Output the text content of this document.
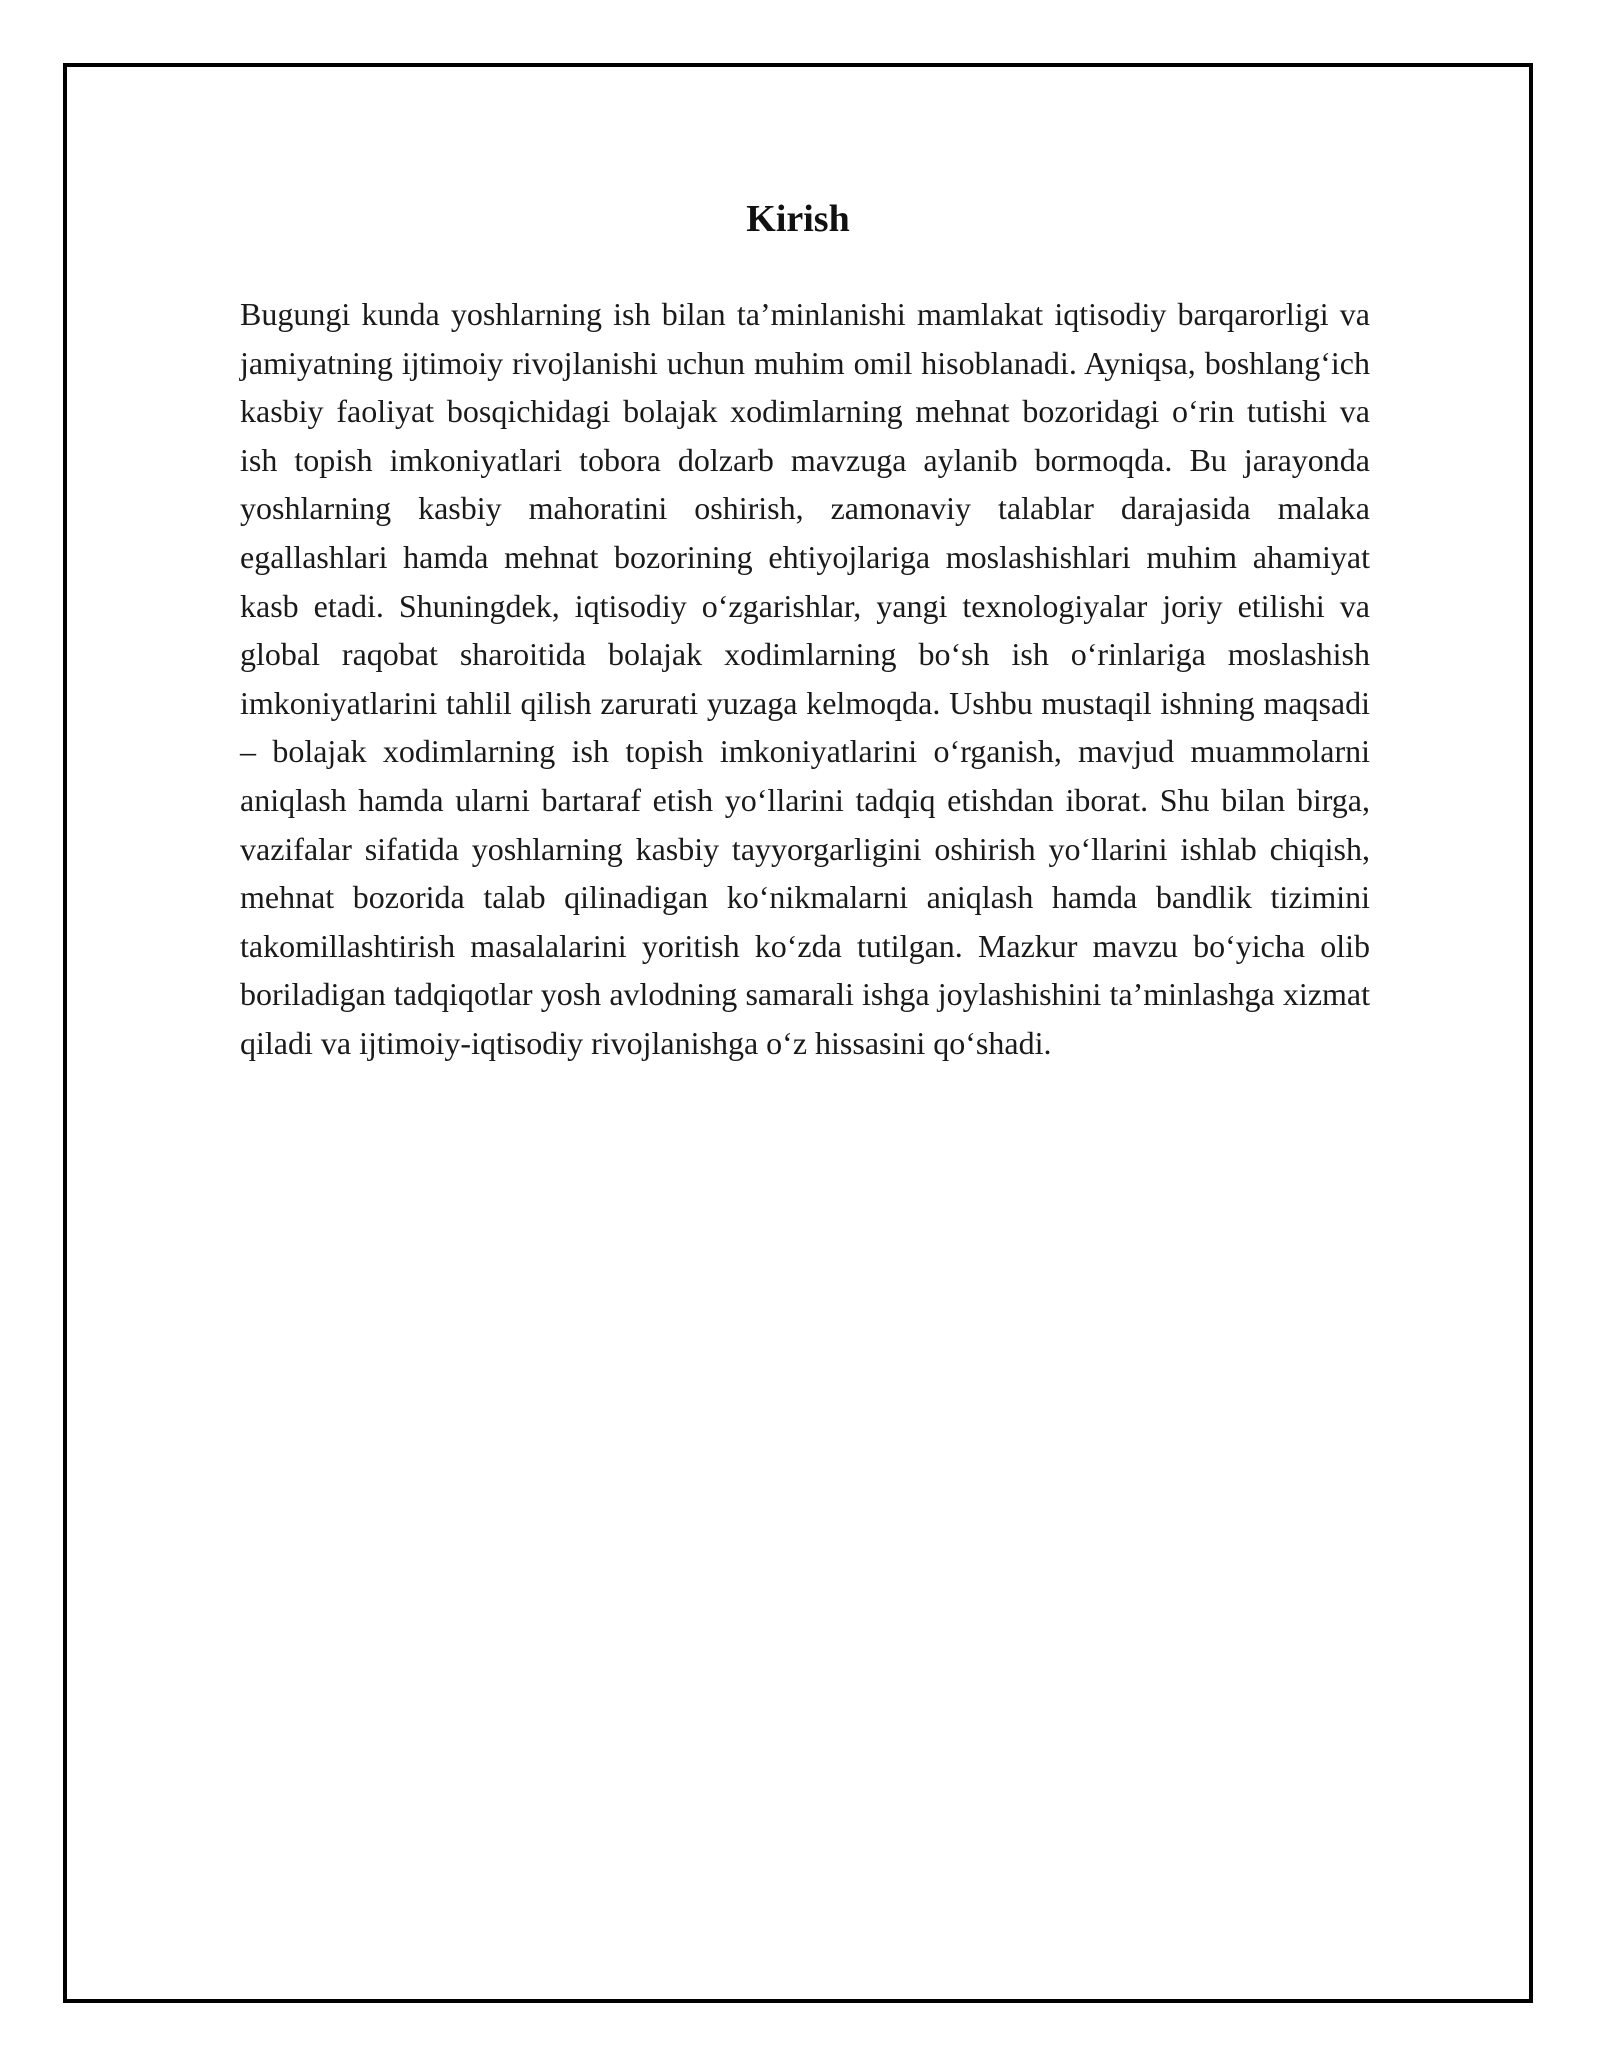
Kirish

Bugungi kunda yoshlarning ish bilan ta’minlanishi mamlakat iqtisodiy barqarorligi va jamiyatning ijtimoiy rivojlanishi uchun muhim omil hisoblanadi. Ayniqsa, boshlang‘ich kasbiy faoliyat bosqichidagi bolajak xodimlarning mehnat bozoridagi o‘rin tutishi va ish topish imkoniyatlari tobora dolzarb mavzuga aylanib bormoqda. Bu jarayonda yoshlarning kasbiy mahoratini oshirish, zamonaviy talablar darajasida malaka egallashlari hamda mehnat bozorining ehtiyojlariga moslashishlari muhim ahamiyat kasb etadi. Shuningdek, iqtisodiy o‘zgarishlar, yangi texnologiyalar joriy etilishi va global raqobat sharoitida bolajak xodimlarning bo‘sh ish o‘rinlariga moslashish imkoniyatlarini tahlil qilish zarurati yuzaga kelmoqda. Ushbu mustaqil ishning maqsadi – bolajak xodimlarning ish topish imkoniyatlarini o‘rganish, mavjud muammolarni aniqlash hamda ularni bartaraf etish yo‘llarini tadqiq etishdan iborat. Shu bilan birga, vazifalar sifatida yoshlarning kasbiy tayyorgarligini oshirish yo‘llarini ishlab chiqish, mehnat bozorida talab qilinadigan ko‘nikmalarni aniqlash hamda bandlik tizimini takomillashtirish masalalarini yoritish ko‘zda tutilgan. Mazkur mavzu bo‘yicha olib boriladigan tadqiqotlar yosh avlodning samarali ishga joylashishini ta’minlashga xizmat qiladi va ijtimoiy-iqtisodiy rivojlanishga o‘z hissasini qo‘shadi.
